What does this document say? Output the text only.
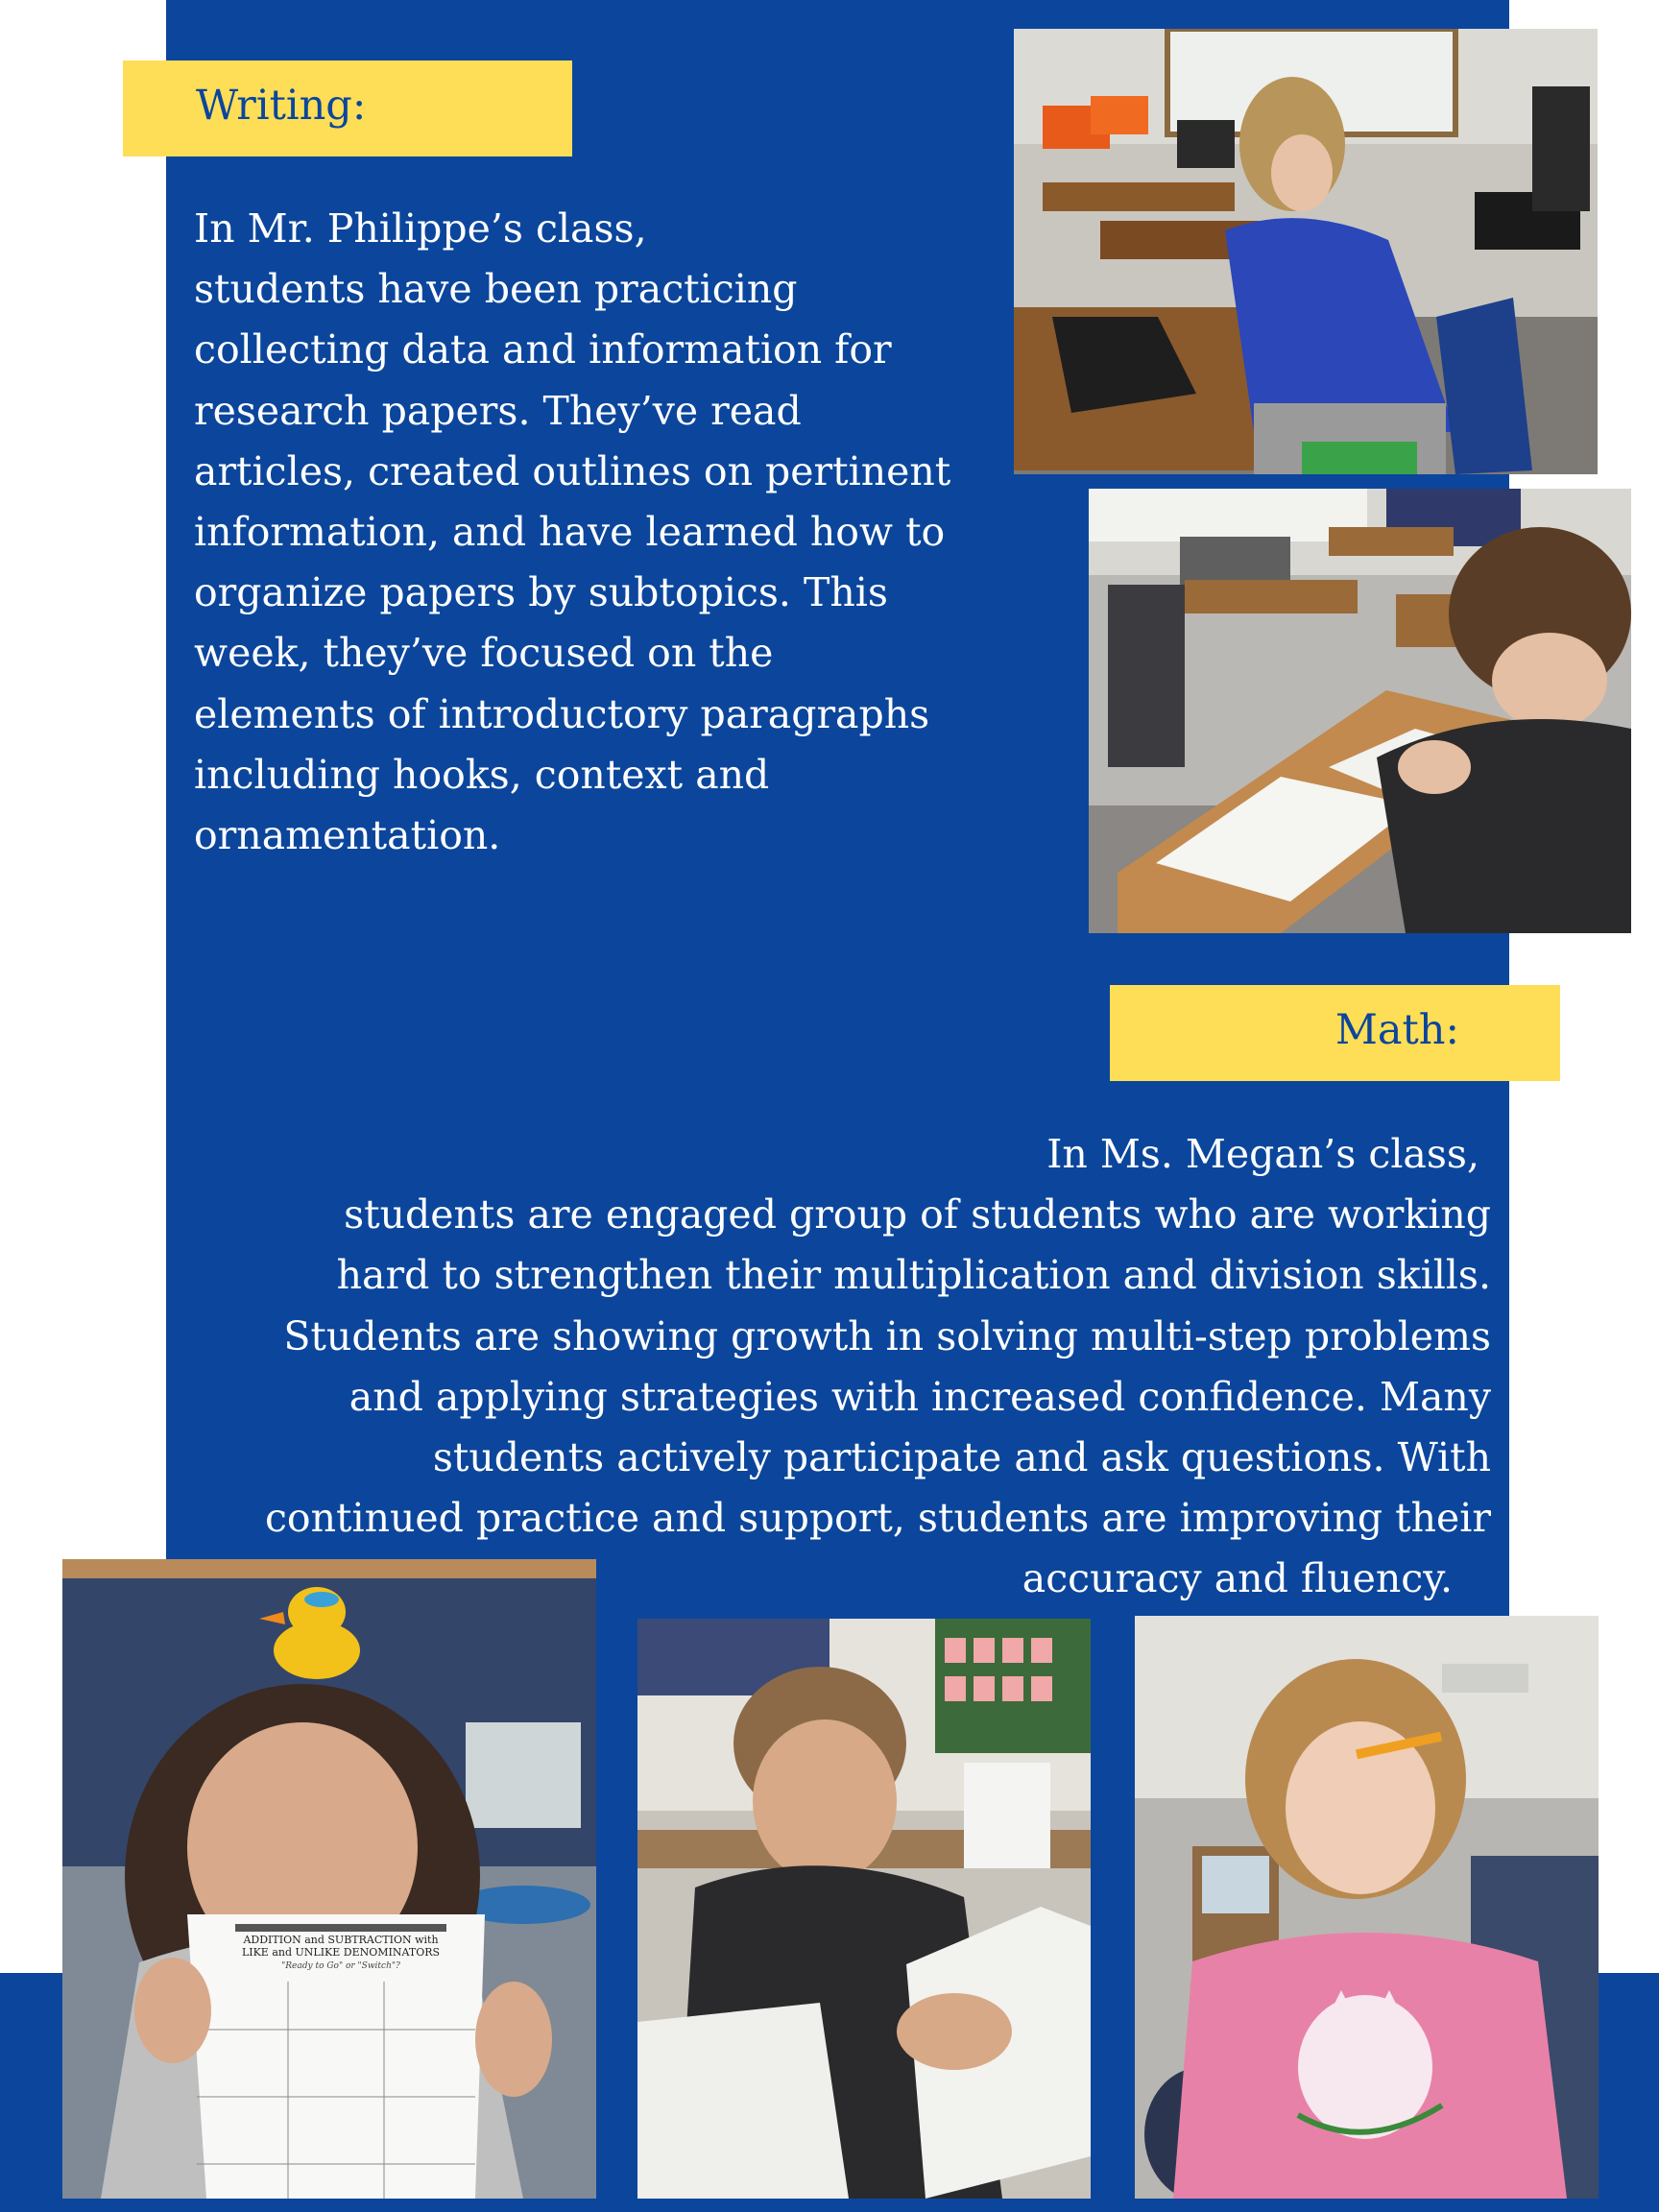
Writing:
In Mr. Philippe’s class,
students have been practicing
collecting data and information for
research papers. They’ve read
articles, created outlines on pertinent
information, and have learned how to
organize papers by subtopics. This
week, they’ve focused on the
elements of introductory paragraphs
including hooks, context and
ornamentation.
Math:
In Ms. Megan’s class,
students are engaged group of students who are working
hard to strengthen their multiplication and division skills.
Students are showing growth in solving multi-step problems
and applying strategies with increased confidence. Many
students actively participate and ask questions. With
continued practice and support, students are improving their
accuracy and fluency.
ADDITION and SUBTRACTION with
LIKE and UNLIKE DENOMINATORS
"Ready to Go" or "Switch"?
